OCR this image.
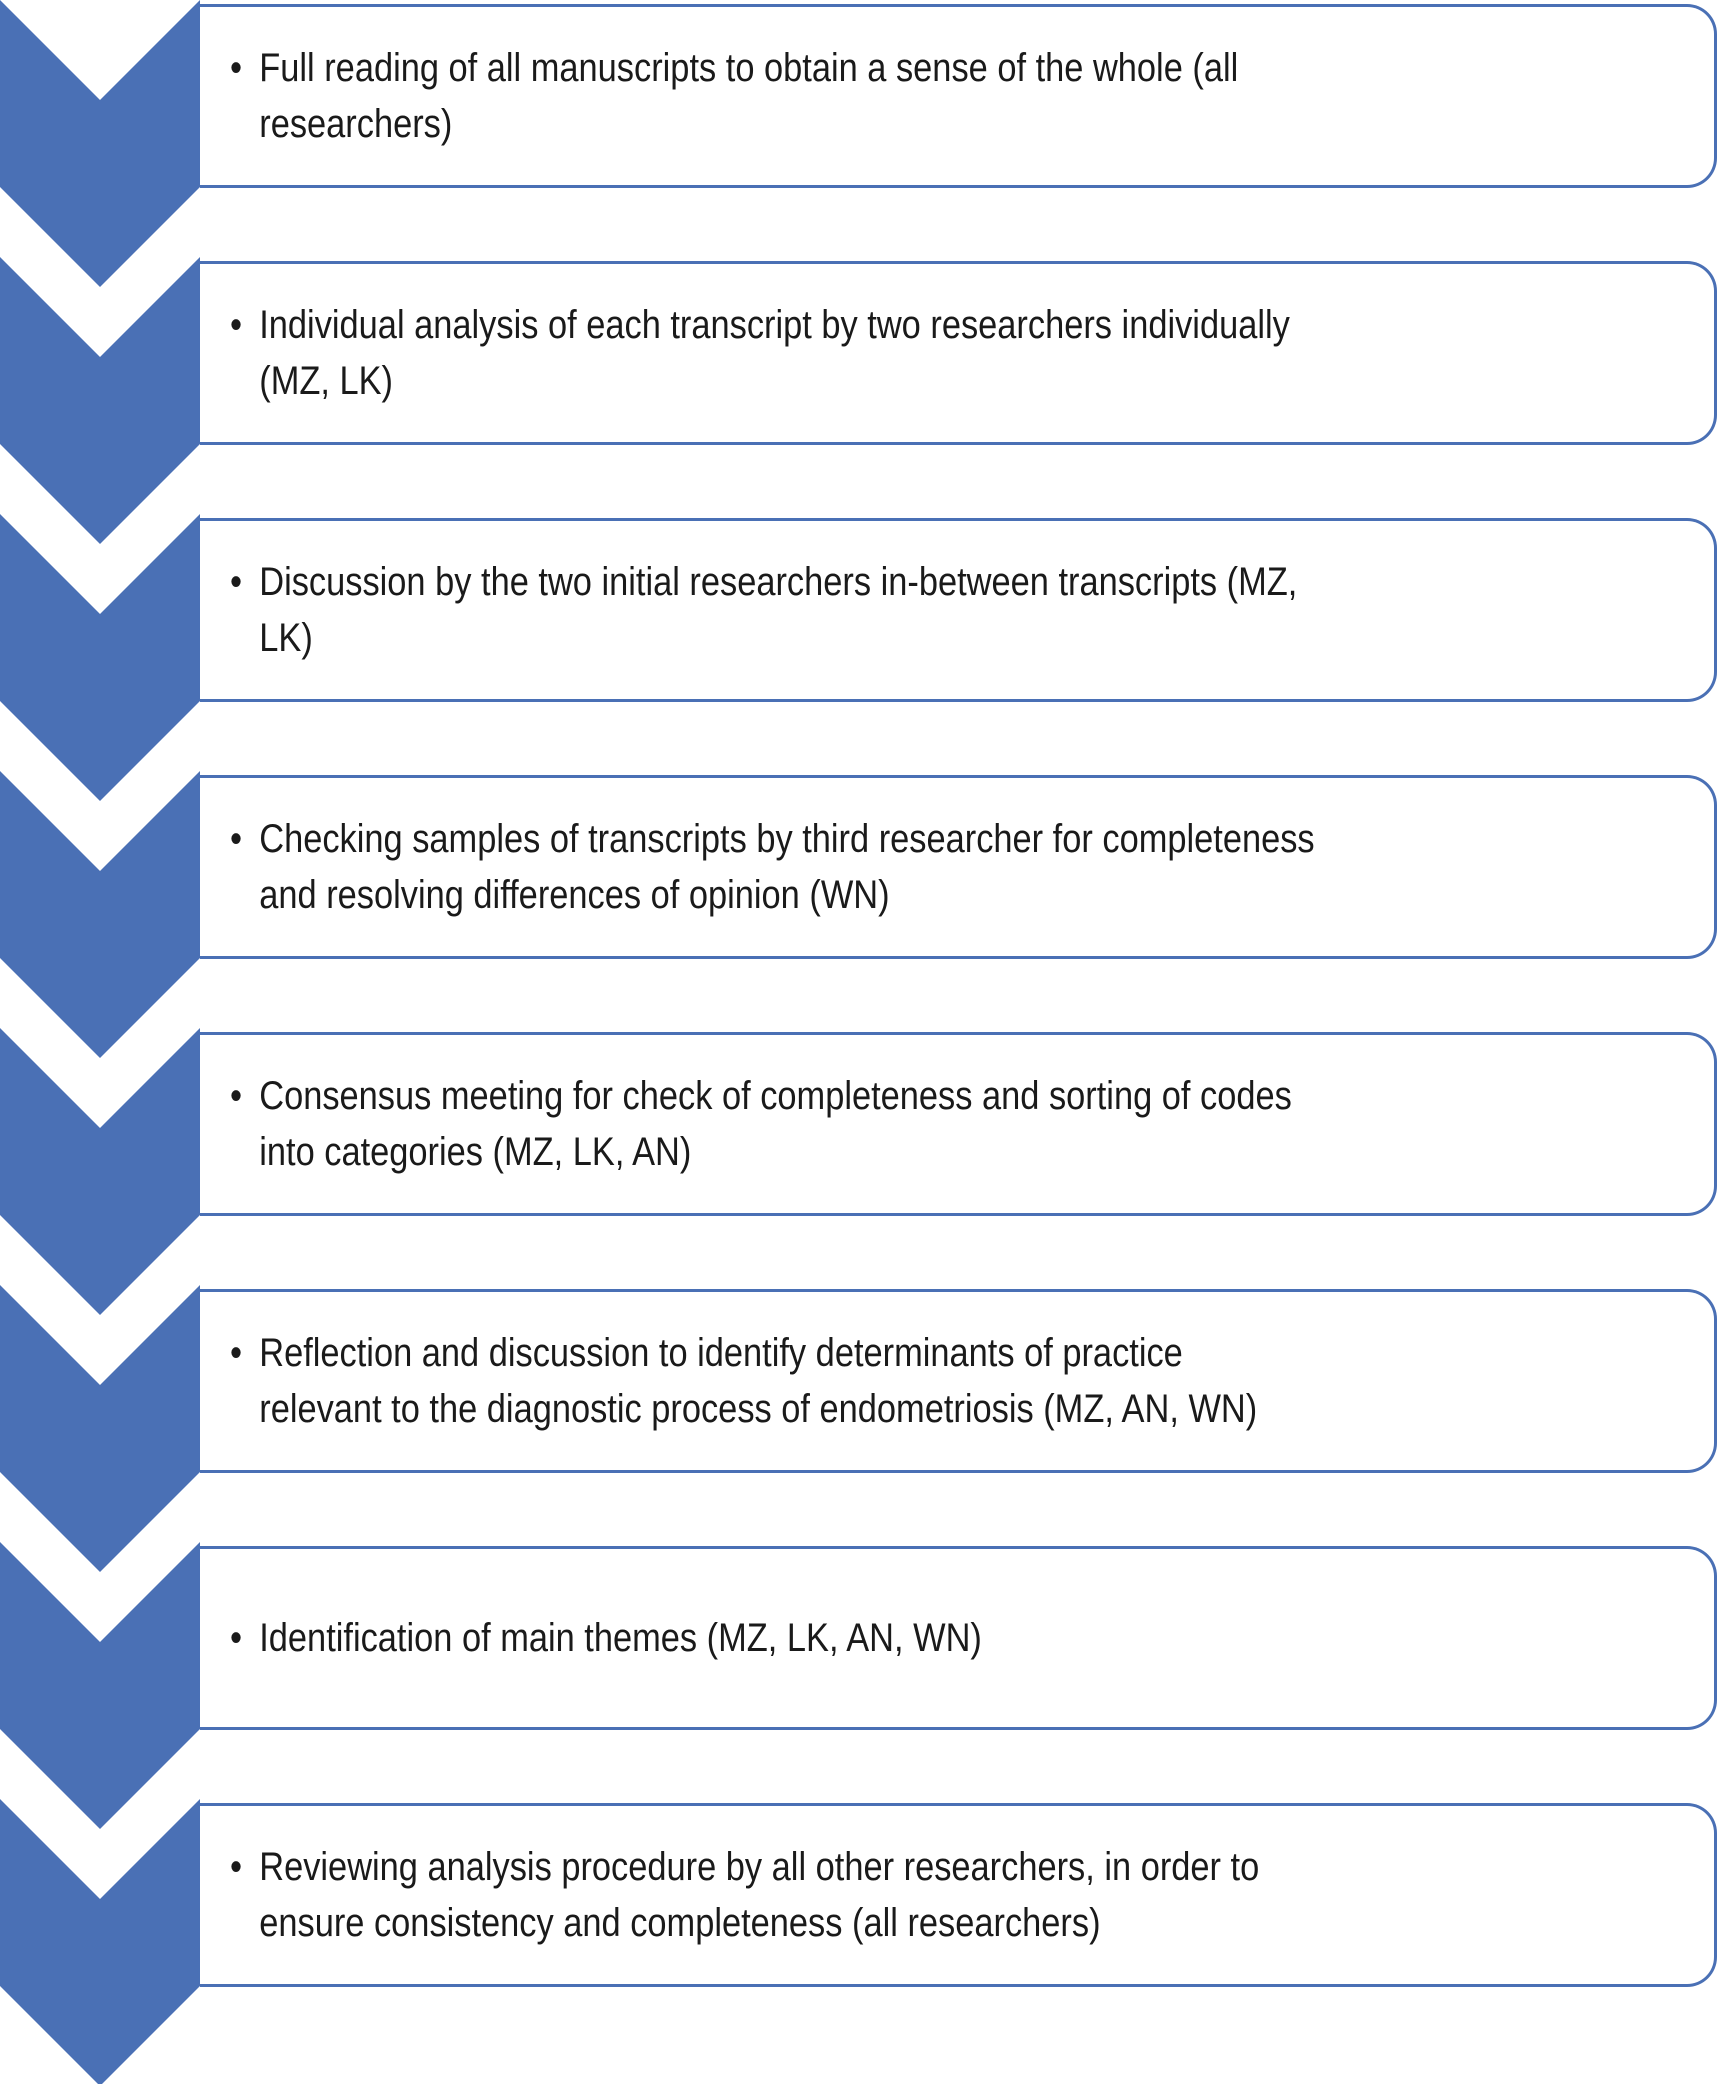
• Full reading of all manuscripts to obtain a sense of the whole (all
researchers)
• Individual analysis of each transcript by two researchers individually
(MZ, LK)
• Discussion by the two initial researchers in-between transcripts (MZ,
LK)
• Checking samples of transcripts by third researcher for completeness
and resolving differences of opinion (WN)
• Consensus meeting for check of completeness and sorting of codes
into categories (MZ, LK, AN)
• Reflection and discussion to identify determinants of practice
relevant to the diagnostic process of endometriosis (MZ, AN, WN)
• Identification of main themes (MZ, LK, AN, WN)
• Reviewing analysis procedure by all other researchers, in order to
ensure consistency and completeness (all researchers)
